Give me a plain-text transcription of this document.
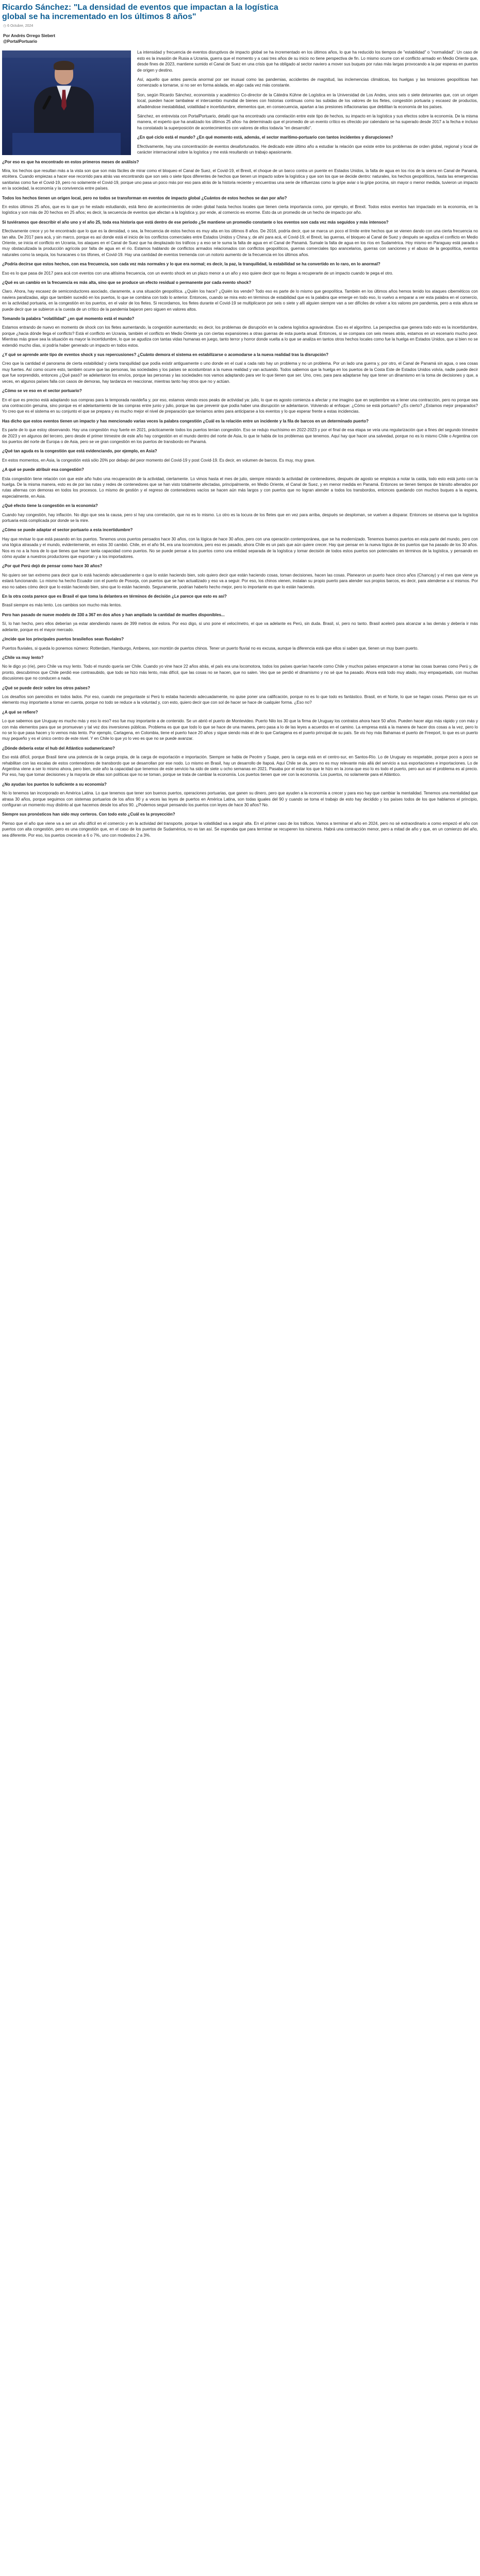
Ricardo Sánchez: "La densidad de eventos que impactan a la logística global se ha incrementado en los últimos 8 años"
◷ 6 Octubre, 2024
Por Andrés Orrego Siebert
@PortalPortuario

La intensidad y frecuencia de eventos disruptivos de impacto global se ha incrementado en los últimos años, lo que ha reducido los tiempos de "estabilidad" o "normalidad". Un caso de esto es la invasión de Rusia a Ucrania, guerra que el momento y a casi tres años de su inicio no tiene perspectiva de fin. Lo mismo ocurre con el conflicto armado en Medio Oriente que, desde fines de 2023, mantiene sumido el Canal de Suez en una crisis que ha obligado al sector naviero a mover sus buques por rutas más largas provocando a la par esperas en puertos de origen y destino.

Así, aquello que antes parecía anormal por ser inusual como las pandemias, accidentes de magnitud, las inclemencias climáticas, los huelgas y las tensiones geopolíticas han comenzado a tornarse, si no ser en forma aislada, en algo cada vez más constante.

Son, según Ricardo Sánchez, economista y académico Co-director de la Cátedra Kühne de Logística en la Universidad de Los Andes, unos seis o siete detonantes que, con un origen local, pueden hacer tambalear el intercambio mundial de bienes con historias continuas como las subidas de los valores de los fletes, congestión portuaria y escasez de productos, añadiéndose inestabilidad, volatilidad e incertidumbre, elementos que, en consecuencia, apartan a las presiones inflacionarias que debilitan la economía de los países.

Sánchez, en entrevista con PortalPortuario, detalló que ha encontrado una correlación entre este tipo de hechos, su impacto en la logística y sus efectos sobre la economía. De la misma manera, el experto que ha analizado los últimos 25 años- ha determinado que el promedio de un evento crítico es ofrecido por calendario se ha superado desde 2017 a la fecha e incluso ha constatado la superposición de acontecimientos con valores de ellos todavía "en desarrollo".

¿En qué ciclo está el mundo? ¿En qué momento está, además, el sector marítimo-portuario con tantos incidentes y disrupciones?

Efectivamente, hay una concentración de eventos desafortunados. He dedicado este último año a estudiar la relación que existe entre los problemas de orden global, regional y local de carácter internacional sobre la logística y me está resultando un trabajo apasionante.

¿Por eso es que ha encontrado en estos primeros meses de análisis?

Mira, los hechos que resultan más a la vista son que son más fáciles de mirar como el bloqueo el Canal de Suez, el Covid-19, el Brexit, el choque de un barco contra un puente en Estados Unidos, la falta de agua en los ríos de la sierra en Canal de Panamá, etcétera. Cuando empiezas a hacer ese recorrido para atrás vas encontrando que son seis o siete tipos diferentes de hechos que tienen un impacto sobre la logística y que son los que se decide dentro: naturales, los hechos geopolíticos, hasta las emergencias sanitarias como fue el Covid-19, pero no solamente el Covid-19, porque uno pasa un poco más por eso para atrás de la historia reciente y encuentras una serie de influenzas como la gripe aviar o la gripe porcina, sin mayor o menor medida, tuvieron un impacto en la sociedad, la economía y la convivencia entre países.

Todos los hechos tienen un origen local, pero no todos se transforman en eventos de impacto global ¿Cuántos de estos hechos se dan por año?

En estos últimos 25 años, que es lo que yo he estado estudiando, está lleno de acontecimientos de orden global hasta hechos locales que tienen cierta importancia como, por ejemplo, el Brexit. Todos estos eventos han impactado en la economía, en la logística y son más de 20 hechos en 25 años; es decir, la secuencia de eventos que afectan a la logística y, por ende, al comercio es enorme. Esto da un promedio de un hecho de impacto por año.

Si tuviéramos que describir el año uno y el año 25, toda esa historia que está dentro de ese periodo ¿Se mantiene un promedio constante o los eventos son cada vez más seguidos y más intensos?

Efectivamente crece y yo he encontrado que lo que es la densidad, o sea, la frecuencia de estos hechos es muy alta en los últimos 8 años. De 2016, podría decir, que se marca un poco el límite entre hechos que se vienen dando con una cierta frecuencia no tan alta. De 2017 para acá, y sin marco, porque es así donde está el inicio de los conflictos comerciales entre Estados Unidos y China y, de ahí para acá, el Covid-19, el Brexit, las guerras, el bloqueo al Canal de Suez y después se agudiza el conflicto en Medio Oriente, se inicia el conflicto en Ucrania, los ataques en el Canal de Suez que ha desplazado los tráficos y a eso se le suma la falta de agua en el Canal de Panamá. Sumale la falta de agua en los ríos en Sudamérica. Hoy mismo en Paraguay está parada o muy obstaculizada la producción agrícola por falta de agua en el río. Estamos hablando de conflictos armados relacionados con conflictos geopolíticos, guerras comerciales tipo arancelarios, guerras con sanciones y el abuso de la geopolítica, eventos naturales como la sequía, los huracanes o los tifones, el Covid-19. Hay una cantidad de eventos tremenda con un notorio aumento de la frecuencia en los últimos años.

¿Podría decirse que estos hechos, con esa frecuencia, son cada vez más normales y lo que era normal; es decir, la paz, la tranquilidad, la estabilidad se ha convertido en lo raro, en lo anormal?

Eso es lo que pasa de 2017 para acá con eventos con una altísima frecuencia, con un evento shock en un plazo menor a un año y eso quiere decir que no llegas a recuperarte de un impacto cuando te pega el otro.

¿Qué es un cambio en la frecuencia es más alta, sino que se produce un efecto residual o permanente por cada evento shock?

Claro. Ahora, hay escasez de semiconductores asociado, claramente, a una situación geopolítica. ¿Quién los hace? ¿Quién los vende? Todo eso es parte de lo mismo que geopolítica. También en los últimos años hemos tenido los ataques cibernéticos con naviera paralizadas, algo que también sucedió en los puertos, lo que se combina con todo lo anterior. Entonces, cuando se mira esto en términos de estabilidad que es la palabra que emerge en todo eso, lo vuelvo a emparar a ver esta palabra en el comercio, en la actividad portuaria, en la congestión en los puertos, en el valor de los fletes. Si recordamos, los fletes durante el Covid-19 se multiplicaron por seis o siete y allí alguien siempre van a ser difíciles de volver a los valores pre pandemia, pero a esta altura se puede decir que se subieron a la cuesta de un crítico de la pandemia bajaron pero siguen en valores altos.

Tomando la palabra "volatilidad" ¿en qué momento está el mundo?

Estamos entrando de nuevo en momento de shock con los fletes aumentando, la congestión aumentando; es decir, los problemas de disrupción en la cadena logística agravándose. Eso es el algoritmo. La perspectiva que genera todo esto es la incertidumbre, porque ¿hacia dónde llega el conflicto? Está el conflicto en Ucrania, también el conflicto en Medio Oriente ya con ciertas expansiones a otras guerras de esta puerta anual. Entonces, si se compara con seis meses atrás, estamos en un escenario mucho peor. Mientras más grave sea la situación es mayor la incertidumbre, lo que se agudiza con tantas vidas humanas en juego, tanto terror y horror donde vuelta a lo que se analiza en tantos otros hechos locales como fue la huelga en Estados Unidos, que si bien no se extendió mucho días, si podría haber generado un impacto en todos estos.

¿Y qué se aprende ante tipo de eventos shock y sus repercusiones? ¿Cuánto demora el sistema en estabilizarse o acomodarse a la nueva realidad tras la disrupción?

Creo que la cantidad el panorama de cierta estabilidad y cierta tranquilidad que podía existir antiguamente o uno donde en el cual a cada rato hay un problema y no un problema. Por un lado una guerra y, por otro, el Canal de Panamá sin agua, o sea cosas muy fuertes. Así como ocurre esto, también ocurre que las personas, las sociedades y los países se acostumbran a la nueva realidad y van actuando. Todos sabemos que la huelga en los puertos de la Costa Este de Estados Unidos volvía, nadie puede decir que fue sorprendido, entonces ¿Qué pasó? se adelantaron los envíos, porque las personas y las sociedades nos vamos adaptando para ver lo que tienen que ser. Uno, creo, para para adaptarse hay que tener un dinamismo en la toma de decisiones y que, a veces, en algunos países falla con casos de demoras, hay tardanza en reaccionar, mientras tanto hay otros que no y actúan.

¿Cómo se ve eso en el sector portuario?

En el que es preciso está adaptando sus compras para la temporada navideña y, por eso, estamos viendo esos peaks de actividad ya: julio, lo que es agosto comienza a afectar y me imagino que en septiembre va a tener una contracción, pero no porque sea una contracción genuina, sino porque es el adelantamiento de las compras entre junio y julio, porque las que prevenir que podía haber una disrupción se adelantaron. Volviendo al enfoque: ¿Cómo se está portuario? ¿Es cierto? ¿Estamos mejor preparados? Yo creo que es el sistema en su conjunto el que se prepara y es mucho mejor el nivel de preparación que teníamos antes para anticiparse a los eventos y lo que esperar frente a estas incidencias.

Has dicho que estos eventos tienen un impacto y has mencionado varias veces la palabra congestión ¿Cuál es la relación entre un incidente y la fila de barcos en un determinado puerto?

Es parte de lo que estoy observando. Hay una congestión muy fuerte en 2021, prácticamente todos los puertos tenían congestión. Eso se redujo muchísimo en 2022-2023 y por el final de esa etapa se veía una regularización que a fines del segundo trimestre de 2023 y en algunos del tercero, pero desde el primer trimestre de este año hay congestión en el mundo dentro del norte de Asia, lo que te habla de los problemas que tenemos. Aquí hay que hacer una salvedad, porque no es lo mismo Chile o Argentina con los puertos del norte de Europa o de Asia, pero se ve gran congestión en los puertos de transbordo en Panamá.

¿Qué tan aguda es la congestión que está evidenciando, por ejemplo, en Asia?

En estos momentos, en Asia, la congestión está sólo 20% por debajo del peor momento del Covid-19 y post Covid-19. Es decir, en volumen de barcos. Es muy, muy grave.

¿A qué se puede atribuir esa congestión?

Esta congestión tiene relación con que este año hubo una recuperación de la actividad, ciertamente. Lo vimos hasta el mes de julio, siempre mirando la actividad de contenedores, después de agosto se empieza a notar la caída, todo esto está junto con la huelga. De la misma manera, esto es de por las rutas y redes de contenedores que se han visto totalmente afectadas, principalmente, en Medio Oriente, el Canal de Suez, y en menor medida en Panamá. Entonces se tienen tiempos de tránsito alterados por rutas alternas con demoras en todos los procesos. Lo mismo de gestión y el regreso de contenedores vacíos se hacen aún más largos y con puertos que no logran atender a todos los transbordos, entonces quedando con muchos buques a la espera, especialmente, en Asia.

¿Qué efecto tiene la congestión en la economía?

Cuando hay congestión, hay inflación. No digo que sea la causa, pero sí hay una correlación, que no es lo mismo. Lo otro es la locura de los fletes que en vez para arriba, después se desploman, se vuelven a disparar. Entonces se observa que la logística portuaria está complicada por donde se la mire.

¿Cómo se puede adaptar el sector portuario a esta incertidumbre?

Hay que revisar lo que está pasando en los puertos. Tenemos unos puertos pensados hace 30 años, con la lógica de hace 30 años, pero con una operación contemporánea, que se ha modernizado. Tenemos buenos puertos en esta parte del mundo, pero con una lógica atrasada y el mundo, evidentemente, en estos 30 cambió. Chile, en el año 94, era una locomotora, pero eso es pasado, ahora Chile es un país que aún quiere crecer. Hay que pensar en la nueva lógica de los puertos que ha pasado de los 30 años. Nos es no a la hora de lo que tienes que hacer tanta capacidad como puertos. No se puede pensar a los puertos como una entidad separada de la logística y tomar decisión de todos estos puertos son potenciales en términos de la logística, y pensando en cómo ayudar a nuestros productores que exportan y a los importadores.

¿Por qué Perú dejó de pensar como hace 30 años?

No quiero ser tan extremo para decir que lo está haciendo adecuadamente o que lo están haciendo bien, solo quiero decir que están haciendo cosas, toman decisiones, hacen las cosas. Planearon un puerto hace cinco años (Chancay) y el mes que viene ya estará funcionando. Lo mismo ha hecho Ecuador con el puerto de Posorja, con puertos que se han actualizado y eso va a seguir. Por eso, los chinos vienen, instalan su propio puerto para atender sus propios barcos, es decir, para atenderse a sí mismos. Por eso no sabes cómo decir que lo están haciendo bien, sino que lo están haciendo. Seguramente, podrían haberlo hecho mejor, pero lo importante es que lo están haciendo.

En la otra costa parece que es Brasil el que toma la delantera en términos de decisión ¿Le parece que esto es así?

Brasil siempre es más lento. Los cambios son mucho más lentos.

Pero han pasado de nueve modelo de 330 a 367 en dos años y han ampliado la cantidad de muelles disponibles...

Sí, lo han hecho, pero ellos deberían ya estar atendiendo naves de 399 metros de eslora. Por eso digo, si uno pone el velocímetro, el que va adelante es Perú, sin duda. Brasil, sí, pero no tanto. Brasil aceleró para alcanzar a las demás y debería ir más adelante, porque es el mayor mercado.

¿Incide que los principales puertos brasileños sean fluviales?

Puertos fluviales, si queda lo ponemos número: Rotterdam, Hamburgo, Amberes, son montón de puertos chinos. Tener un puerto fluvial no es excusa, aunque la diferencia está que ellos si saben que, tienen un muy buen puerto.

¿Chile va muy lento?

No le digo yo (ríe), pero Chile va muy lento. Todo el mundo quería ser Chile. Cuando yo vine hace 22 años atrás, el país era una locomotora, todos los países querían hacerle como Chile y muchos países empezaron a tomar las cosas buenas como Perú y, de pronto, descubrimos que Chile perdió ese contrasubido, que todo se hizo más lento, más difícil, que las cosas no se hacen, que no salen. Veo que se perdió el dinamismo y no sé que ha pasado. Ahora está todo muy atado, muy empaquetado, con muchas discusiones que no conducen a nada.

¿Qué se puede decir sobre los otros países?

Los desafíos son parecidos en todos lados. Por eso, cuando me preguntaste si Perú lo estaba haciendo adecuadamente, no quise poner una calificación, porque no es lo que todo es fantástico. Brasil, en el Norte, lo que se hagan cosas. Pienso que es un elemento muy importante a tomar en cuenta, porque no todo se reduce a la voluntad y, con esto, quiero decir que con sol de hacer se hace de cualquier forma. ¿Eso no?

¿A qué se refiere?

Lo que sabemos que Uruguay es mucho más y eso lo eso? eso fue muy importante a de contenido. Se un abrió el puerto de Montevideo. Puerto Nilo los 30 que la firma de Uruguay los contratos ahora hace 50 años. Pueden hacer algo más rápido y con más y con más elementos para que se promuevan y tal vez dos inversiones públicas. Problema es que que todo lo que se hace de una manera, pero pasa a lo de las leyes a acuerdos en el camino. La empresa está a la manera de hacer dos cosas a la vez, pero lo no se lo que pasa hacen y lo vemos más lento. Por ejemplo, Cartagena, en Colombia, tiene el puerto hace 20 años y sigue siendo más el de lo que Cartagena es el puerto principal de su país. Se vio hoy más Bahamas el puerto de Freeport, lo que es un puerto muy pequeño y es el único centro de este nivel. Y en Chile lo que yo lo veo es que no se puede avanzar.

¿Dónde debería estar el hub del Atlántico sudamericano?

Eso está difícil, porque Brasil tiene una potencia de la carga propia, de la carga de exportación e importación. Siempre se habla de Pecém y Suape, pero la carga está en el centro-sur, en Santos-Río. Lo de Uruguay es respetable, porque poco a poco se rehabilitan con las escalas de estos contenedores de transbordo que se desarrollan por ese nodo. Lo mismo en Brasil, hay un desarrollo de Itapoá. Aquí Chile se da, pero no es muy relevante más allá del servicio a sus exportaciones e importaciones. Lo de Argentina viene a ser lo mismo ahora, pero bien, este año la capacidad que tenemos de este servicio ha sido de siete u ocho semanas en 2021. Pasaba por el estar los que le hizo en la zona que eso lo es todo el puerto, pero aun así el problema es al precio. Por eso, hay que tomar decisiones y la mayoría de ellas son políticas que no se toman, porque se trata de cambiar la economía. Los puertos tienen que ver con la economía. Los puertos, no solamente para el Atlántico.

¿No ayudan los puertos lo suficiente a su economía?

No lo tenemos tan incorporado en América Latina. Lo que tenemos que tener son buenos puertos, operaciones portuarias, que ganen su dinero, pero que ayuden a la economía a crecer y para eso hay que cambiar la mentalidad. Tenemos una mentalidad que atrasa 30 años, porque seguimos con sistemas portuarios de los años 90 y a veces las leyes de puertos en América Latina, son todas iguales del 90 y cuando se toma el trabajo de esto hay decidido y los países todos de los que hablamos el principio, configuran un momento muy distinto al que hacemos desde los años 90. ¿Podemos seguir pensando los puertos con leyes de hace 30 años? No.

Siempre sus pronósticos han sido muy certeros. Con todo esto ¿Cuál es la proyección?

Pienso que el año que viene va a ser un año difícil en el comercio y en la actividad del transporte, porque la volatilidad va a seguir alta. En el primer caso de los tráficos. Vamos a terminar el año en 2024, pero no sé extraordinario a como empezó el año con puertos con alta congestión, pero es una congestión que, en el caso de los puertos de Sudamérica, no es tan así. Se esperaba que para terminar se recuperen los números. Habrá una contracción menor, pero a mitad de año y que, en un comienzo del año, sea diferente. Por eso, los puertos crecerán a 6 o 7%, uno con modestos 2 a 3%.
